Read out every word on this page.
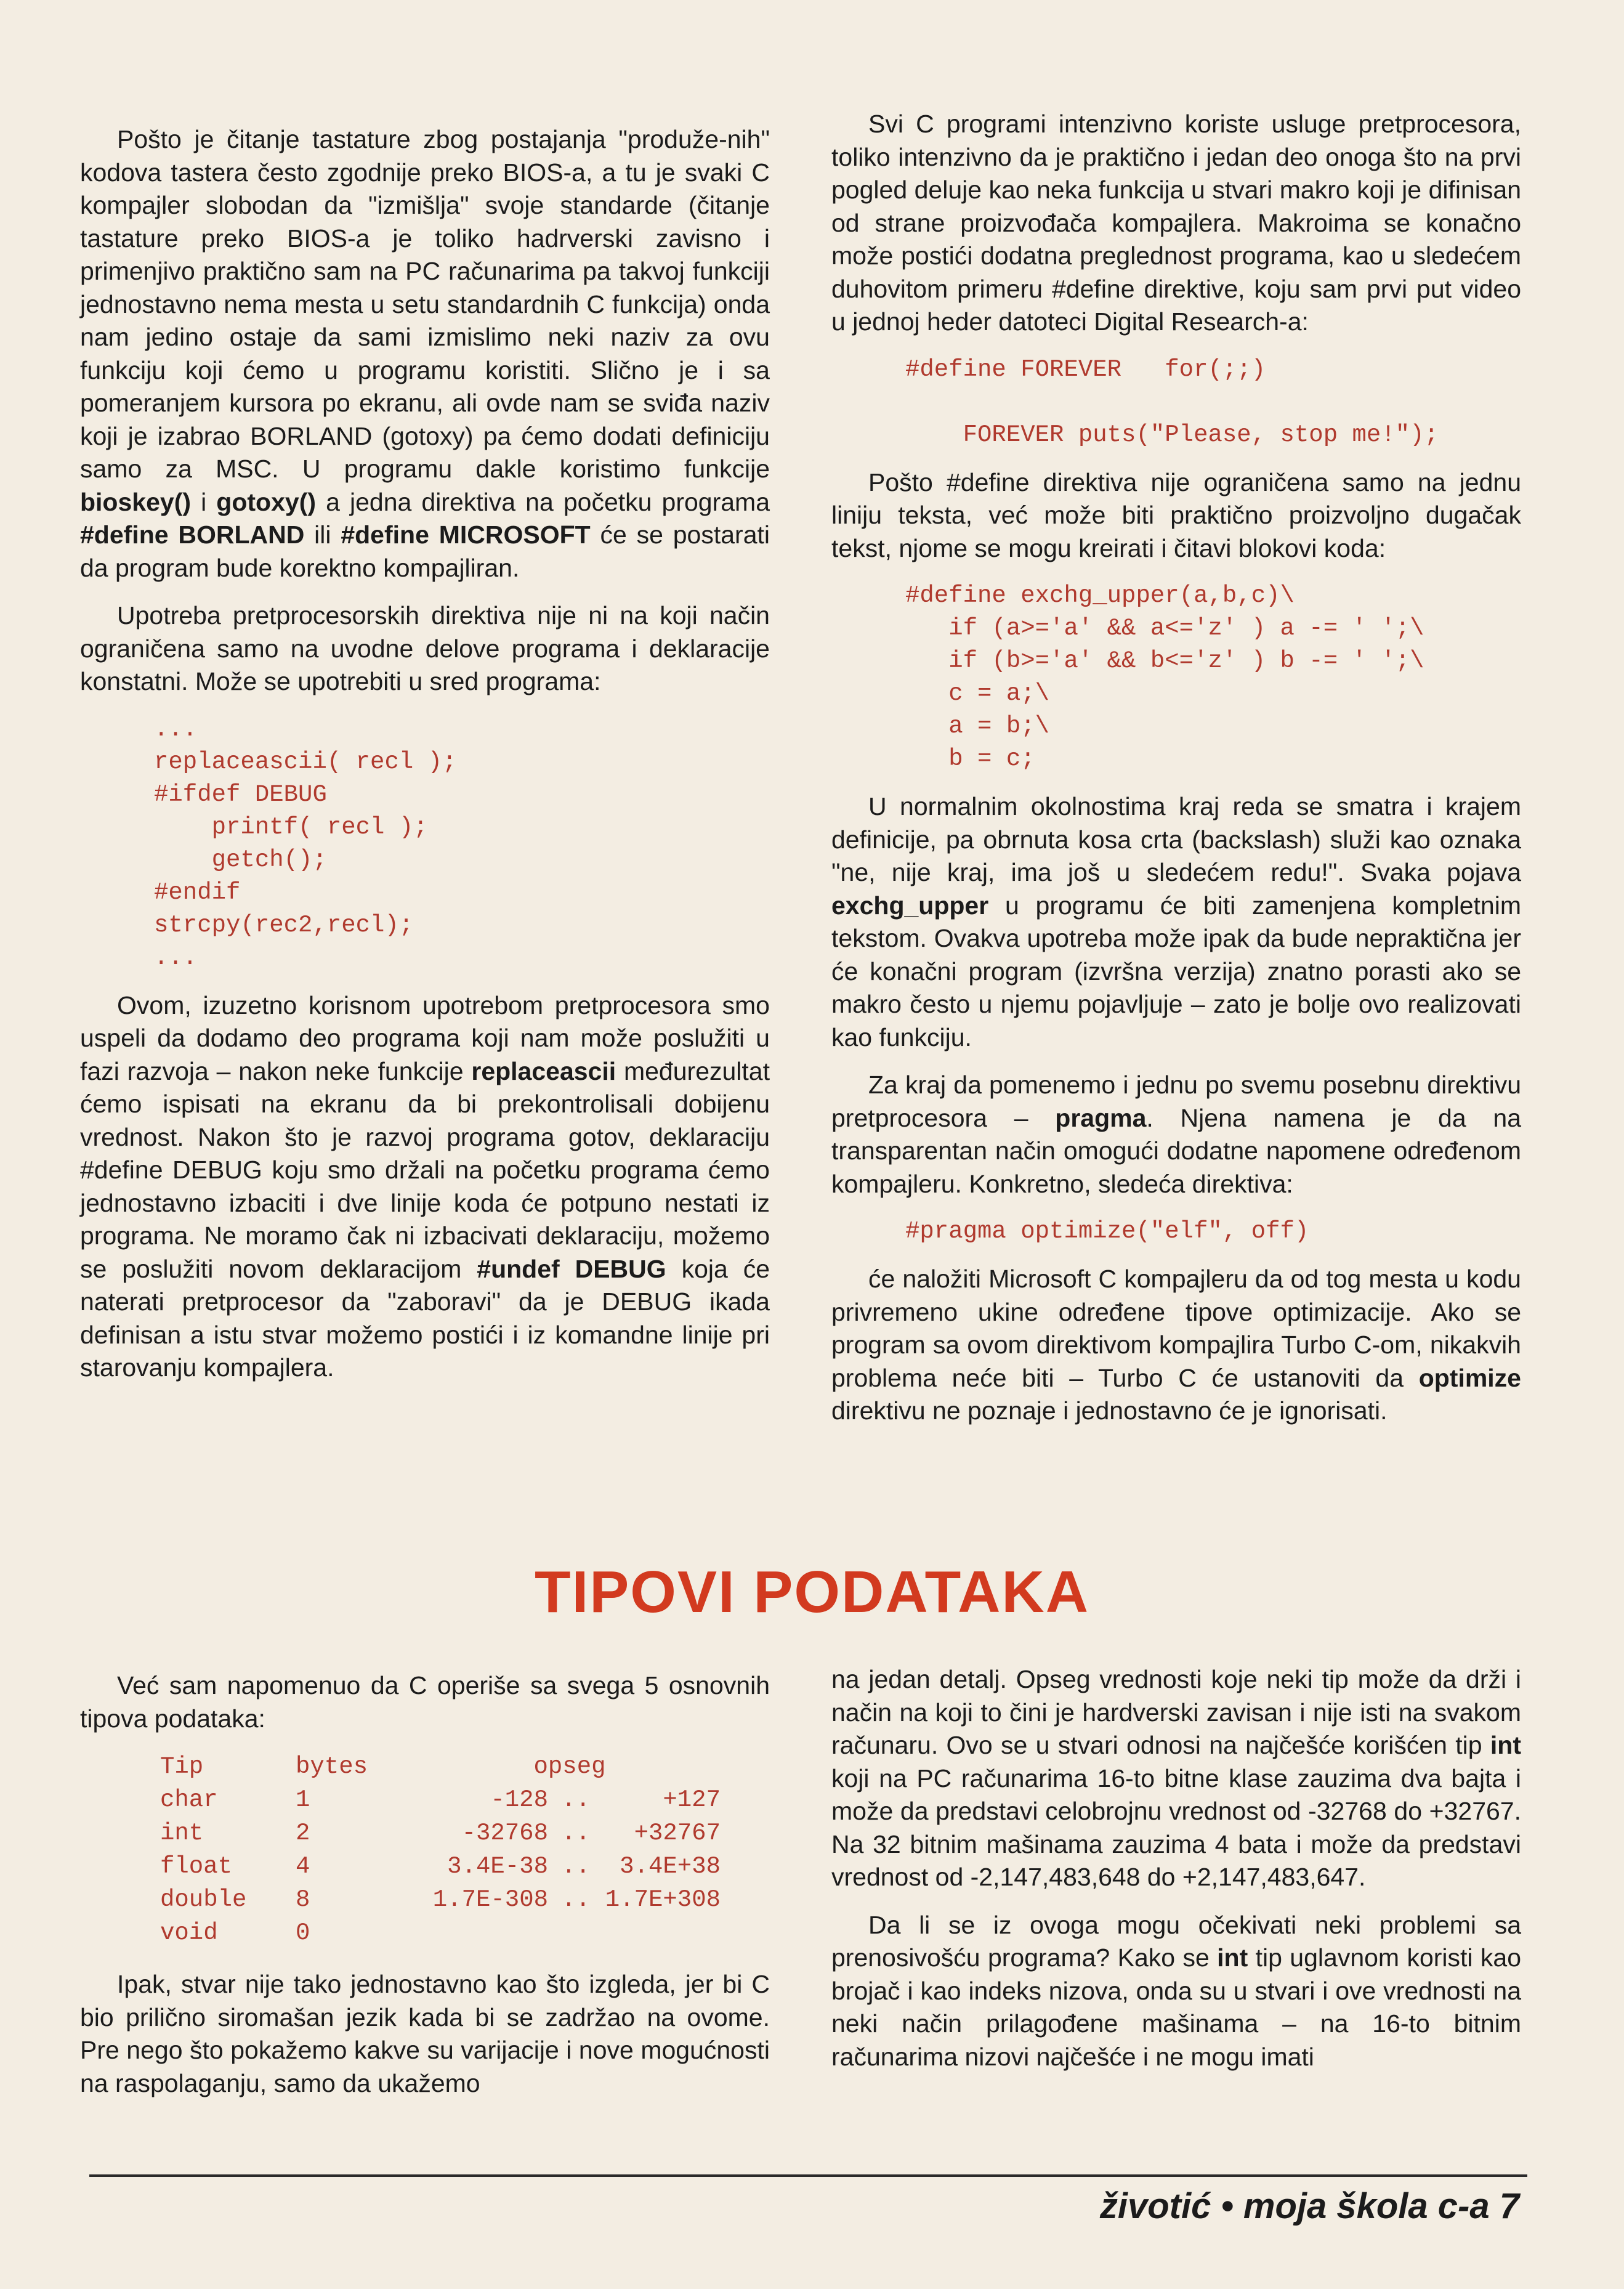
Pošto je čitanje tastature zbog postajanja "produže-nih" kodova tastera često zgodnije preko BIOS-a, a tu je svaki C kompajler slobodan da "izmišlja" svoje standarde (čitanje tastature preko BIOS-a je toliko hadrverski zavisno i primenjivo praktično sam na PC računarima pa takvoj funkciji jednostavno nema mesta u setu standardnih C funkcija) onda nam jedino ostaje da sami izmislimo neki naziv za ovu funkciju koji ćemo u programu koristiti. Slično je i sa pomeranjem kursora po ekranu, ali ovde nam se sviđa naziv koji je izabrao BORLAND (gotoxy) pa ćemo dodati definiciju samo za MSC. U programu dakle koristimo funkcije bioskey() i gotoxy() a jedna direktiva na početku programa #define BORLAND ili #define MICROSOFT će se postarati da program bude korektno kompajliran.

Upotreba pretprocesorskih direktiva nije ni na koji način ograničena samo na uvodne delove programa i deklaracije konstatni. Može se upotrebiti u sred programa:

...
replaceascii( recl );
#ifdef DEBUG
printf( recl );
getch();
#endif
strcpy(rec2,recl);
...

Ovom, izuzetno korisnom upotrebom pretprocesora smo uspeli da dodamo deo programa koji nam može poslužiti u fazi razvoja – nakon neke funkcije replaceascii međurezultat ćemo ispisati na ekranu da bi prekontrolisali dobijenu vrednost. Nakon što je razvoj programa gotov, deklaraciju #define DEBUG koju smo držali na početku programa ćemo jednostavno izbaciti i dve linije koda će potpuno nestati iz programa. Ne moramo čak ni izbacivati deklaraciju, možemo se poslužiti novom deklaracijom #undef DEBUG koja će naterati pretprocesor da "zaboravi" da je DEBUG ikada definisan a istu stvar možemo postići i iz komandne linije pri starovanju kompajlera.

Svi C programi intenzivno koriste usluge pretprocesora, toliko intenzivno da je praktično i jedan deo onoga što na prvi pogled deluje kao neka funkcija u stvari makro koji je difinisan od strane proizvođača kompajlera. Makroima se konačno može postići dodatna preglednost programa, kao u sledećem duhovitom primeru #define direktive, koju sam prvi put video u jednoj heder datoteci Digital Research-a:

#define FOREVER   for(;;)

FOREVER puts("Please, stop me!");

Pošto #define direktiva nije ograničena samo na jednu liniju teksta, već može biti praktično proizvoljno dugačak tekst, njome se mogu kreirati i čitavi blokovi koda:

#define exchg_upper(a,b,c)\
if (a>='a' && a<='z' ) a -= ' ';\
if (b>='a' && b<='z' ) b -= ' ';\
c = a;\
a = b;\
b = c;

U normalnim okolnostima kraj reda se smatra i krajem definicije, pa obrnuta kosa crta (backslash) služi kao oznaka "ne, nije kraj, ima još u sledećem redu!". Svaka pojava exchg_upper u programu će biti zamenjena kompletnim tekstom. Ovakva upotreba može ipak da bude nepraktična jer će konačni program (izvršna verzija) znatno porasti ako se makro često u njemu pojavljuje – zato je bolje ovo realizovati kao funkciju.

Za kraj da pomenemo i jednu po svemu posebnu direktivu pretprocesora – pragma. Njena namena je da na transparentan način omogući dodatne napomene određenom kompajleru. Konkretno, sledeća direktiva:

#pragma optimize("elf", off)

će naložiti Microsoft C kompajleru da od tog mesta u kodu privremeno ukine određene tipove optimizacije. Ako se program sa ovom direktivom kompajlira Turbo C-om, nikakvih problema neće biti – Turbo C će ustanoviti da optimize direktivu ne poznaje i jednostavno će je ignorisati.

TIPOVI PODATAKA

Već sam napomenuo da C operiše sa svega 5 osnovnih tipova podataka:

Tip	bytes	opseg		
char	1	-128	..	+127
int	2	-32768	..	+32767
float	4	3.4E-38	..	3.4E+38
double	8	1.7E-308	..	1.7E+308
void	0			

Ipak, stvar nije tako jednostavno kao što izgleda, jer bi C bio prilično siromašan jezik kada bi se zadržao na ovome. Pre nego što pokažemo kakve su varijacije i nove mogućnosti na raspolaganju, samo da ukažemo

na jedan detalj. Opseg vrednosti koje neki tip može da drži i način na koji to čini je hardverski zavisan i nije isti na svakom računaru. Ovo se u stvari odnosi na najčešće korišćen tip int koji na PC računarima 16-to bitne klase zauzima dva bajta i može da predstavi celobrojnu vrednost od -32768 do +32767. Na 32 bitnim mašinama zauzima 4 bata i može da predstavi vrednost od -2,147,483,648 do +2,147,483,647.

Da li se iz ovoga mogu očekivati neki problemi sa prenosivošću programa? Kako se int tip uglavnom koristi kao brojač i kao indeks nizova, onda su u stvari i ove vrednosti na neki način prilagođene mašinama – na 16-to bitnim računarima nizovi najčešće i ne mogu imati

životić • moja škola c-a 7
